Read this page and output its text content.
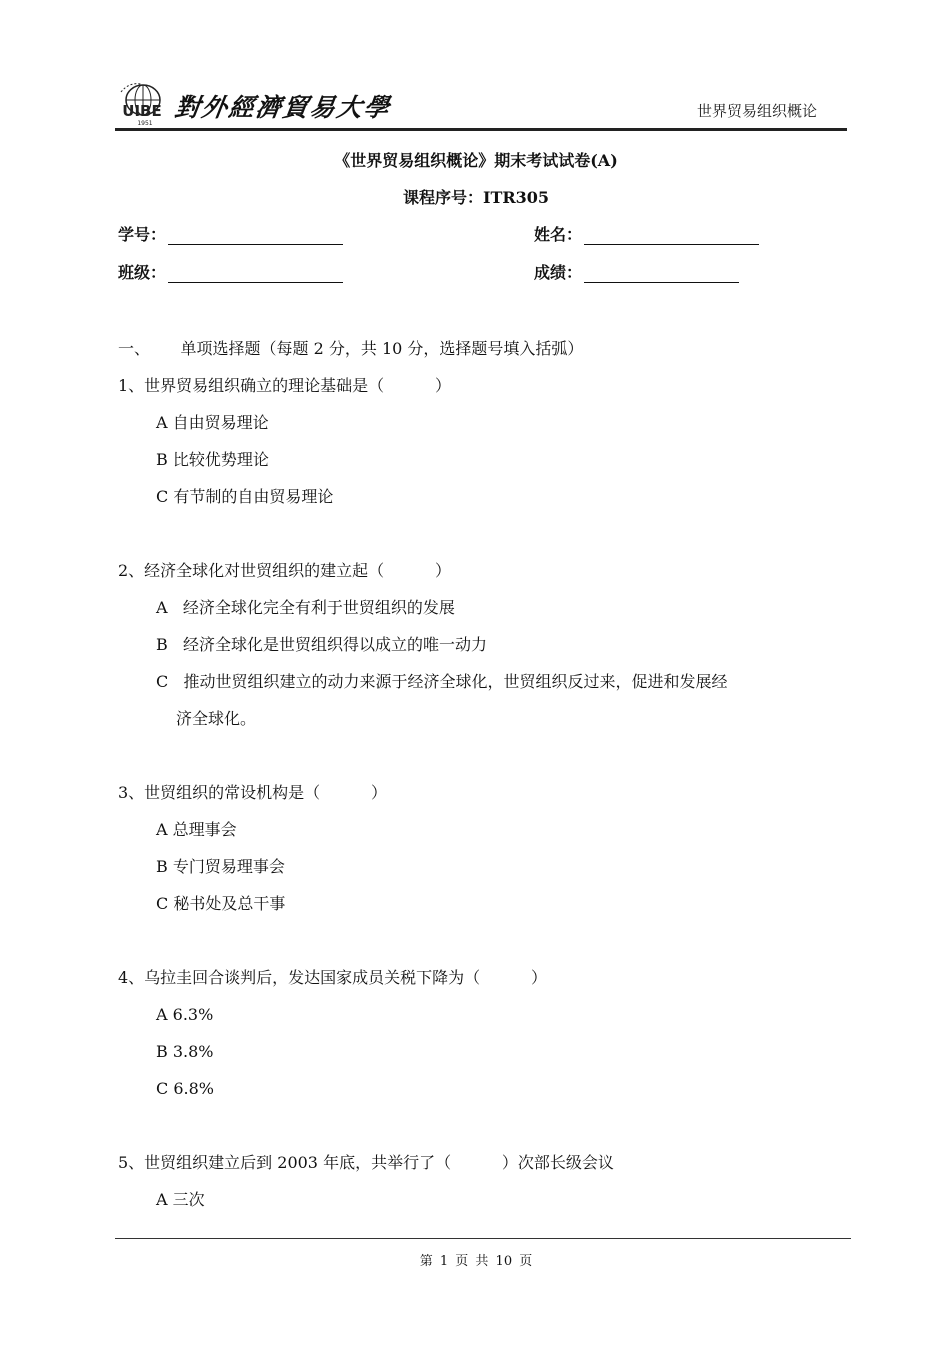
UIBE
1951
對外經濟貿易大學	世界贸易组织概论
《世界贸易组织概论》期末考试试卷(A)
课程序号：ITR305
学号：	姓名：
班级：	成绩：

一、      单项选择题（每题 2 分，共 10 分，选择题号填入括弧）

1、世界贸易组织确立的理论基础是（          ）

A 自由贸易理论

B 比较优势理论

C 有节制的自由贸易理论

2、经济全球化对世贸组织的建立起（          ）

A   经济全球化完全有利于世贸组织的发展

B   经济全球化是世贸组织得以成立的唯一动力

C   推动世贸组织建立的动力来源于经济全球化，世贸组织反过来，促进和发展经

济全球化。

3、世贸组织的常设机构是（          ）

A 总理事会

B 专门贸易理事会

C 秘书处及总干事

4、乌拉圭回合谈判后，发达国家成员关税下降为（          ）

A 6.3%

B 3.8%

C 6.8%

5、世贸组织建立后到 2003 年底，共举行了（          ）次部长级会议

A 三次

第 1 页 共 10 页
